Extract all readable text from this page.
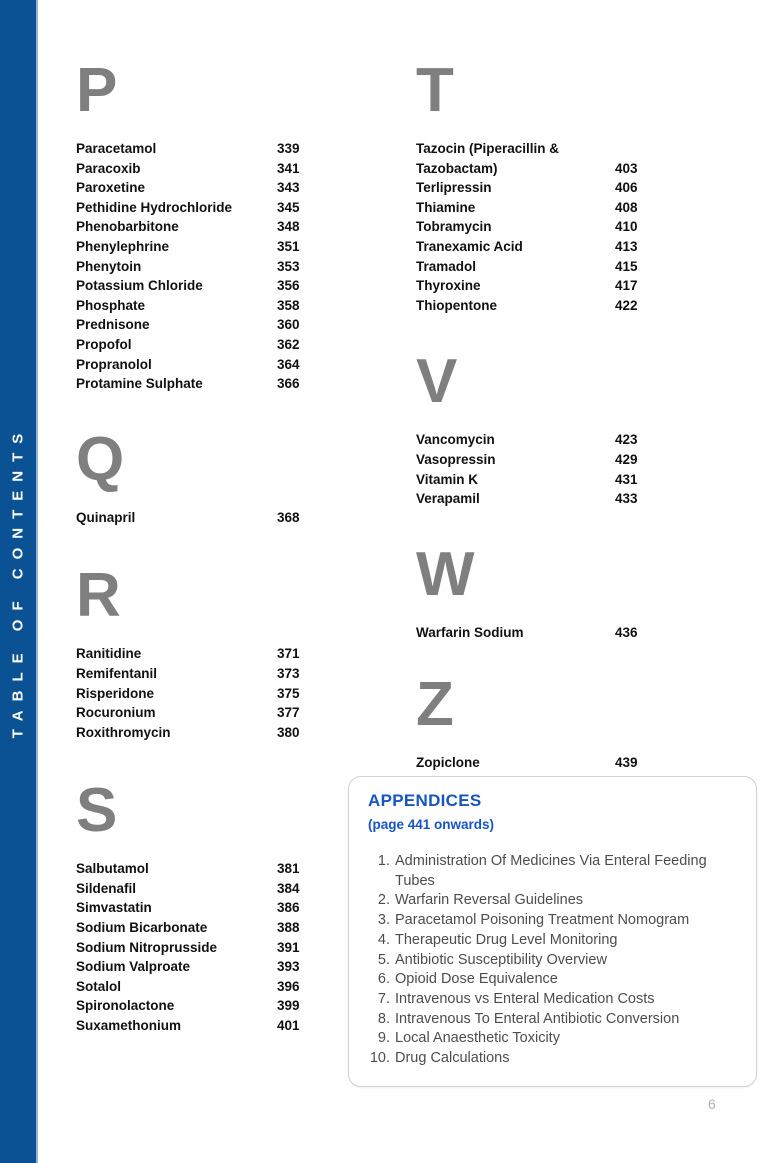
TABLE OF CONTENTS
P
Paracetamol	339
Paracoxib	341
Paroxetine	343
Pethidine Hydrochloride	345
Phenobarbitone	348
Phenylephrine	351
Phenytoin	353
Potassium Chloride	356
Phosphate	358
Prednisone	360
Propofol	362
Propranolol	364
Protamine Sulphate	366
Q
Quinapril	368
R
Ranitidine	371
Remifentanil	373
Risperidone	375
Rocuronium	377
Roxithromycin	380
S
Salbutamol	381
Sildenafil	384
Simvastatin	386
Sodium Bicarbonate	388
Sodium Nitroprusside	391
Sodium Valproate	393
Sotalol	396
Spironolactone	399
Suxamethonium	401
T
Tazocin (Piperacillin & Tazobactam)	403
Terlipressin	406
Thiamine	408
Tobramycin	410
Tranexamic Acid	413
Tramadol	415
Thyroxine	417
Thiopentone	422
V
Vancomycin	423
Vasopressin	429
Vitamin K	431
Verapamil	433
W
Warfarin Sodium	436
Z
Zopiclone	439
APPENDICES
(page 441 onwards)
1. Administration Of Medicines Via Enteral Feeding Tubes
2. Warfarin Reversal Guidelines
3. Paracetamol Poisoning Treatment Nomogram
4. Therapeutic Drug Level Monitoring
5. Antibiotic Susceptibility Overview
6. Opioid Dose Equivalence
7. Intravenous vs Enteral Medication Costs
8. Intravenous To Enteral Antibiotic Conversion
9. Local Anaesthetic Toxicity
10. Drug Calculations
6
